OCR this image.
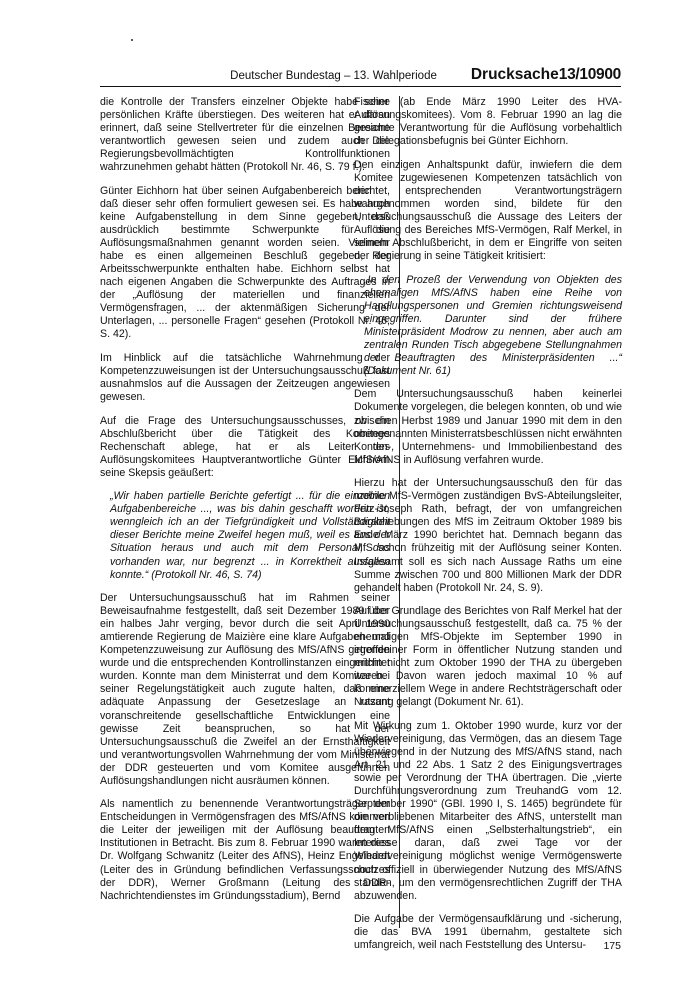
Deutscher Bundestag – 13. Wahlperiode Drucksache 13/10900

die Kontrolle der Transfers einzelner Objekte habe seine persönlichen Kräfte überstiegen. Des weiteren hat er daran erinnert, daß seine Stellvertreter für die einzelnen Bereiche verantwortlich gewesen seien und zudem auch die Regierungsbevollmächtigten Kontrollfunktionen wahrzunehmen gehabt hätten (Protokoll Nr. 46, S. 79 f.).

Günter Eichhorn hat über seinen Aufgabenbereich berichtet, daß dieser sehr offen formuliert gewesen sei. Es habe auch keine Aufgabenstellung in dem Sinne gegeben, daß ausdrücklich bestimmte Schwerpunkte für die Auflösungsmaßnahmen genannt worden seien. Vielmehr habe es einen allgemeinen Beschluß gegeben, der Arbeitsschwerpunkte enthalten habe. Eichhorn selbst hat nach eigenen Angaben die Schwerpunkte des Auftrages in der „Auflösung der materiellen und finanziellen Vermögensfragen, ... der aktenmäßigen Sicherung der Unterlagen, ... personelle Fragen“ gesehen (Protokoll Nr. 46, S. 42).

Im Hinblick auf die tatsächliche Wahrnehmung der Kompetenzzuweisungen ist der Untersuchungsausschuß fast ausnahmslos auf die Aussagen der Zeitzeugen angewiesen gewesen.

Auf die Frage des Untersuchungsausschusses, ob ein Abschlußbericht über die Tätigkeit des Komitees Rechenschaft ablege, hat er als Leiter des Auflösungskomitees Hauptverantwortliche Günter Eichhorn seine Skepsis geäußert:

„Wir haben partielle Berichte gefertigt ... für die einzelnen Aufgabenbereiche ..., was bis dahin geschafft worden ist, wenngleich ich an der Tiefgründigkeit und Vollständigkeit dieser Berichte meine Zweifel hegen muß, weil es aus der Situation heraus und auch mit dem Personal, das vorhanden war, nur begrenzt ... in Korrektheit ausfallen konnte.“ (Protokoll Nr. 46, S. 74)

Der Untersuchungsausschuß hat im Rahmen seiner Beweisaufnahme festgestellt, daß seit Dezember 1989 über ein halbes Jahr verging, bevor durch die seit April 1990 amtierende Regierung de Maizière eine klare Aufgaben- und Kompetenzzuweisung zur Auflösung des MfS/AfNS getroffen wurde und die entsprechenden Kontrollinstanzen eingerichtet wurden. Konnte man dem Ministerrat und dem Komitee bei seiner Regelungstätigkeit auch zugute halten, daß eine adäquate Anpassung der Gesetzeslage an rasant voranschreitende gesellschaftliche Entwicklungen eine gewisse Zeit beanspruchen, so hat der Untersuchungsausschuß die Zweifel an der Ernsthaftigkeit und verantwortungsvollen Wahrnehmung der vom Ministerrat der DDR gesteuerten und vom Komitee ausgeführten Auflösungshandlungen nicht ausräumen können.

Als namentlich zu benennende Verantwortungsträger der Entscheidungen in Vermögensfragen des MfS/AfNS kommen die Leiter der jeweiligen mit der Auflösung beauftragten Institutionen in Betracht. Bis zum 8. Februar 1990 waren dies Dr. Wolfgang Schwanitz (Leiter des AfNS), Heinz Engelhardt (Leiter des in Gründung befindlichen Verfassungsschutzes der DDR), Werner Großmann (Leitung des DDR-Nachrichtendienstes im Gründungsstadium), Bernd

Fischer (ab Ende März 1990 Leiter des HVA-Auflösungskomitees). Vom 8. Februar 1990 an lag die gesamte Verantwortung für die Auflösung vorbehaltlich der Delegationsbefugnis bei Günter Eichhorn.

Den einzigen Anhaltspunkt dafür, inwiefern die dem Komitee zugewiesenen Kompetenzen tatsächlich von den entsprechenden Verantwortungsträgern wahrgenommen worden sind, bildete für den Untersuchungsausschuß die Aussage des Leiters der Auflösung des Bereiches MfS-Vermögen, Ralf Merkel, in seinem Abschlußbericht, in dem er Eingriffe von seiten der Regierung in seine Tätigkeit kritisiert:

„In den Prozeß der Verwendung von Objekten des ehemaligen MfS/AfNS haben eine Reihe von Handlungspersonen und Gremien richtungsweisend eingegriffen. Darunter sind der frühere Ministerpräsident Modrow zu nennen, aber auch am zentralen Runden Tisch abgegebene Stellungnahmen der Beauftragten des Ministerpräsidenten ...“ (Dokument Nr. 61)

Dem Untersuchungsausschuß haben keinerlei Dokumente vorgelegen, die belegen konnten, ob und wie zwischen Herbst 1989 und Januar 1990 mit dem in den obengenannten Ministerratsbeschlüssen nicht erwähnten Konten-, Unternehmens- und Immobilienbestand des MfS/AfNS in Auflösung verfahren wurde.

Hierzu hat der Untersuchungsausschuß den für das mobile MfS-Vermögen zuständigen BvS-Abteilungsleiter, Fritz-Joseph Rath, befragt, der von umfangreichen Barabhebungen des MfS im Zeitraum Oktober 1989 bis Ende März 1990 berichtet hat. Demnach begann das MfS schon frühzeitig mit der Auflösung seiner Konten. Insgesamt soll es sich nach Aussage Raths um eine Summe zwischen 700 und 800 Millionen Mark der DDR gehandelt haben (Protokoll Nr. 24, S. 9).

Auf der Grundlage des Berichtes von Ralf Merkel hat der Untersuchungsausschuß festgestellt, daß ca. 75 % der ehemaligen MfS-Objekte im September 1990 in irgendeiner Form in öffentlicher Nutzung standen und mithin nicht zum Oktober 1990 der THA zu übergeben waren. Davon waren jedoch maximal 10 % auf kommerziellem Wege in andere Rechtsträgerschaft oder Nutzung gelangt (Dokument Nr. 61).

Mit Wirkung zum 1. Oktober 1990 wurde, kurz vor der Wiedervereinigung, das Vermögen, das an diesem Tage überwiegend in der Nutzung des MfS/AfNS stand, nach Art. 21 und 22 Abs. 1 Satz 2 des Einigungsvertrages sowie per Verordnung der THA übertragen. Die „vierte Durchführungsverordnung zum TreuhandG vom 12. September 1990“ (GBl. 1990 I, S. 1465) begründete für die verbliebenen Mitarbeiter des AfNS, unterstellt man dem MfS/AfNS einen „Selbsterhaltungstrieb“, ein Interesse daran, daß zwei Tage vor der Wiedervereinigung möglichst wenige Vermögenswerte noch offiziell in überwiegender Nutzung des MfS/AfNS standen, um den vermögensrechtlichen Zugriff der THA abzuwenden.

Die Aufgabe der Vermögensaufklärung und -sicherung, die das BVA 1991 übernahm, gestaltete sich umfangreich, weil nach Feststellung des Untersu-	175
